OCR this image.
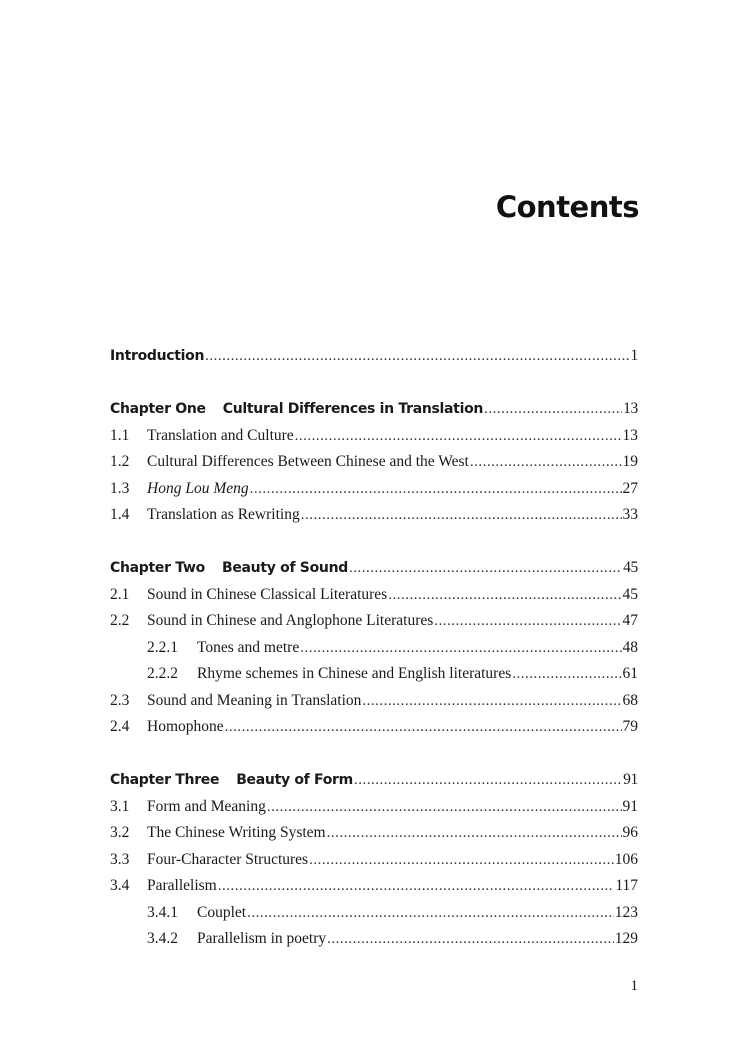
Contents
Introduction .....	1
Chapter One Cultural Differences in Translation .....	13
1.1	Translation and Culture .....	13
1.2	Cultural Differences Between Chinese and the West .....	19
1.3	Hong Lou Meng .....	27
1.4	Translation as Rewriting .....	33
Chapter Two Beauty of Sound .....	45
2.1	Sound in Chinese Classical Literatures .....	45
2.2	Sound in Chinese and Anglophone Literatures .....	47
2.2.1	Tones and metre .....	48
2.2.2	Rhyme schemes in Chinese and English literatures .....	61
2.3	Sound and Meaning in Translation .....	68
2.4	Homophone .....	79
Chapter Three Beauty of Form .....	91
3.1	Form and Meaning .....	91
3.2	The Chinese Writing System .....	96
3.3	Four-Character Structures .....	106
3.4	Parallelism .....	117
3.4.1	Couplet .....	123
3.4.2	Parallelism in poetry .....	129
1
